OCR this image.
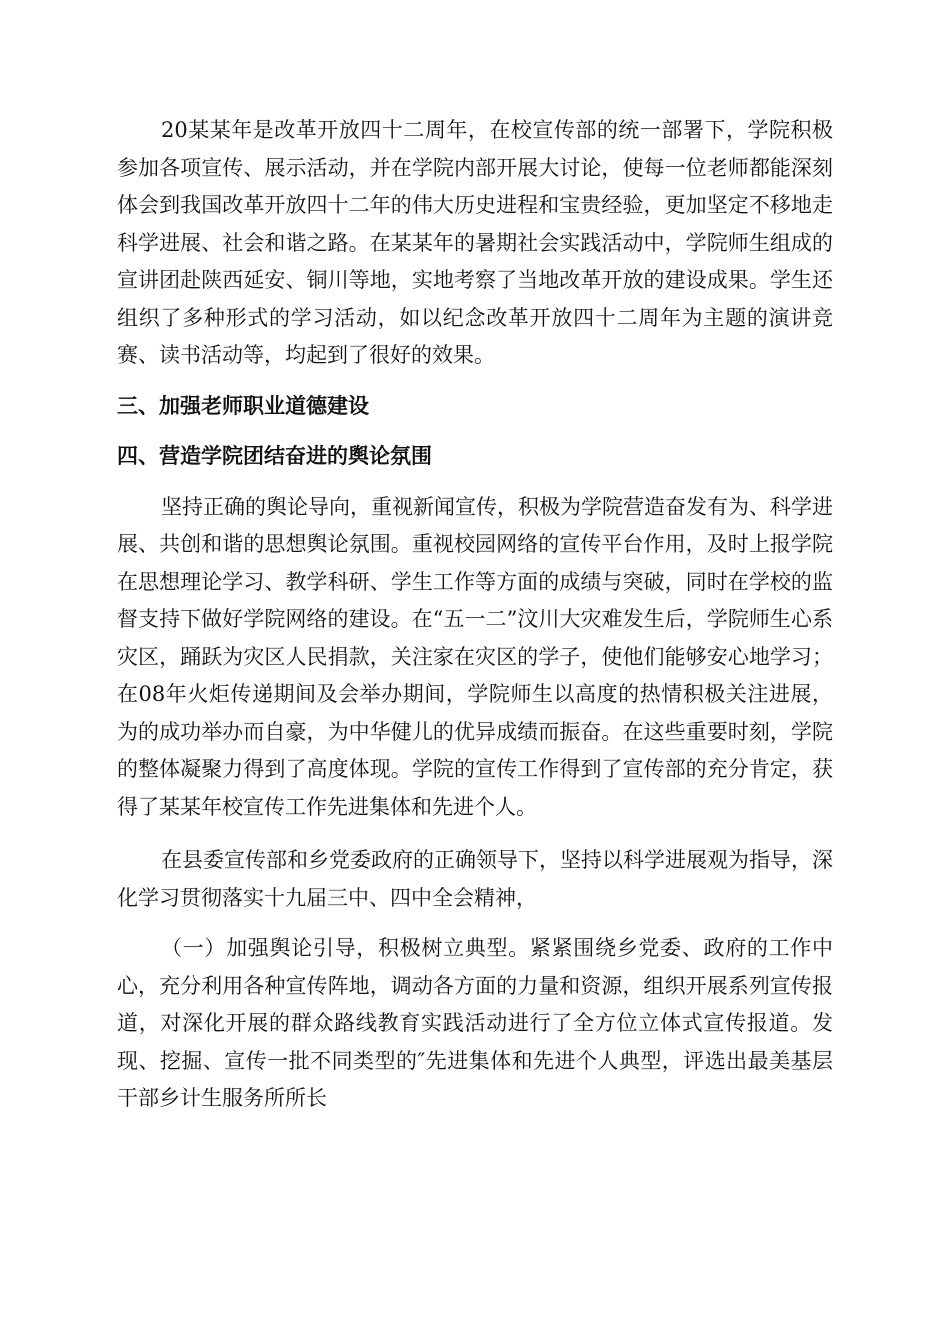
20某某年是改革开放四十二周年，在校宣传部的统一部署下，学院积极参加各项宣传、展示活动，并在学院内部开展大讨论，使每一位老师都能深刻体会到我国改革开放四十二年的伟大历史进程和宝贵经验，更加坚定不移地走科学进展、社会和谐之路。在某某年的暑期社会实践活动中，学院师生组成的宣讲团赴陕西延安、铜川等地，实地考察了当地改革开放的建设成果。学生还组织了多种形式的学习活动，如以纪念改革开放四十二周年为主题的演讲竞赛、读书活动等，均起到了很好的效果。

三、加强老师职业道德建设

四、营造学院团结奋进的舆论氛围

坚持正确的舆论导向，重视新闻宣传，积极为学院营造奋发有为、科学进展、共创和谐的思想舆论氛围。重视校园网络的宣传平台作用，及时上报学院在思想理论学习、教学科研、学生工作等方面的成绩与突破，同时在学校的监督支持下做好学院网络的建设。在“五一二”汶川大灾难发生后，学院师生心系灾区，踊跃为灾区人民捐款，关注家在灾区的学子，使他们能够安心地学习；在08年火炬传递期间及会举办期间，学院师生以高度的热情积极关注进展，为的成功举办而自豪，为中华健儿的优异成绩而振奋。在这些重要时刻，学院的整体凝聚力得到了高度体现。学院的宣传工作得到了宣传部的充分肯定，获得了某某年校宣传工作先进集体和先进个人。

在县委宣传部和乡党委政府的正确领导下，坚持以科学进展观为指导，深化学习贯彻落实十九届三中、四中全会精神，

（一）加强舆论引导，积极树立典型。紧紧围绕乡党委、政府的工作中心，充分利用各种宣传阵地，调动各方面的力量和资源，组织开展系列宣传报道，对深化开展的群众路线教育实践活动进行了全方位立体式宣传报道。发现、挖掘、宣传一批不同类型的″先进集体和先进个人典型，评选出最美基层干部乡计生服务所所长
